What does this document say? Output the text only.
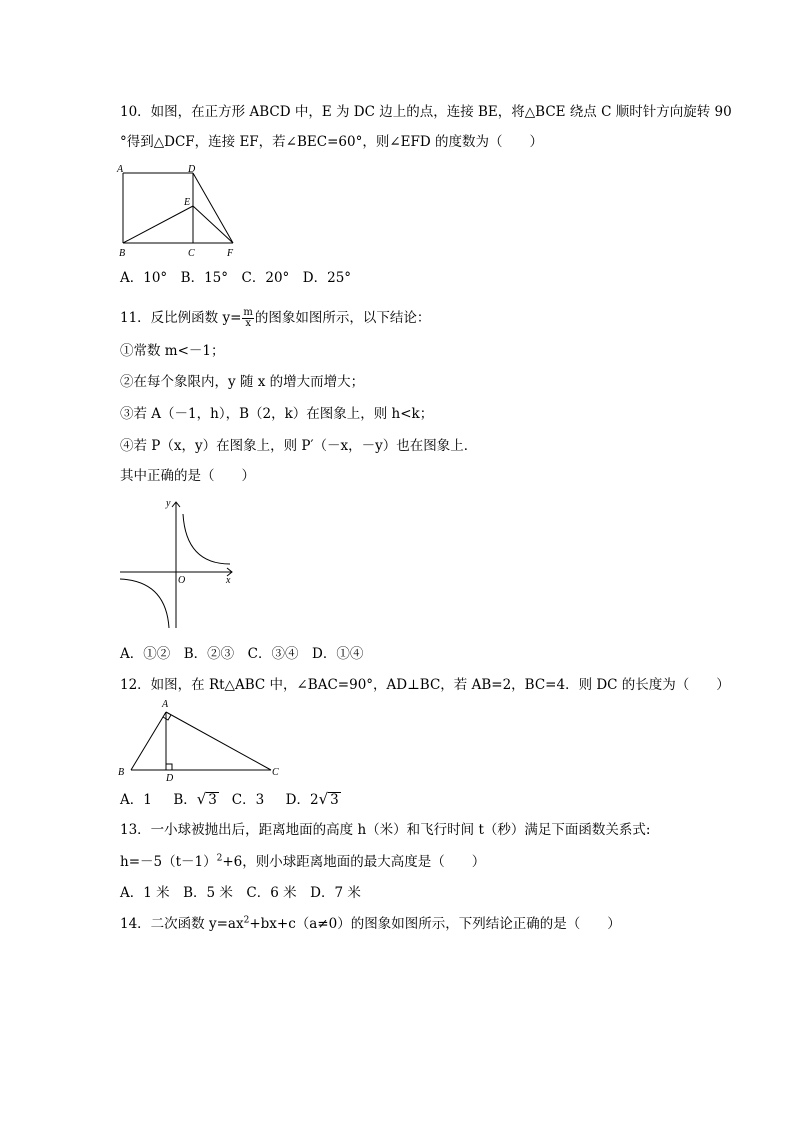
10．如图，在正方形 ABCD 中，E 为 DC 边上的点，连接 BE，将△BCE 绕点 C 顺时针方向旋转 90
°得到△DCF，连接 EF，若∠BEC=60°，则∠EFD 的度数为（　　）
A	D
E
B	C	F
A．10°　B．15°　C．20°　D．25°
11．反比例函数 $y= \frac{m}{x}$ 的图象如图所示，以下结论：
①常数 m<－1；
②在每个象限内，y 随 x 的增大而增大；
③若 A（－1，h），B（2，k）在图象上，则 h<k；
④若 P（x，y）在图象上，则 P′（－x，－y）也在图象上．
其中正确的是（　　）
y
O	x
A．①②　B．②③　C．③④　D．①④
12．如图，在 Rt△ABC 中，∠BAC=90°，AD⊥BC，若 AB=2，BC=4．则 DC 的长度为（　　）
A
B
D
C
A．1 B．√ 3 C．3 D．2√ 3
13．一小球被抛出后，距离地面的高度 h（米）和飞行时间 t（秒）满足下面函数关系式:
$h=-5(t-1)^2+6$，则小球距离地面的最大高度是（　　）
A．1 米　B．5 米　C．6 米　D．7 米
14．二次函数 $y=ax^2+bx+c(a\ne 0)$的图象如图所示，下列结论正确的是（　　）
